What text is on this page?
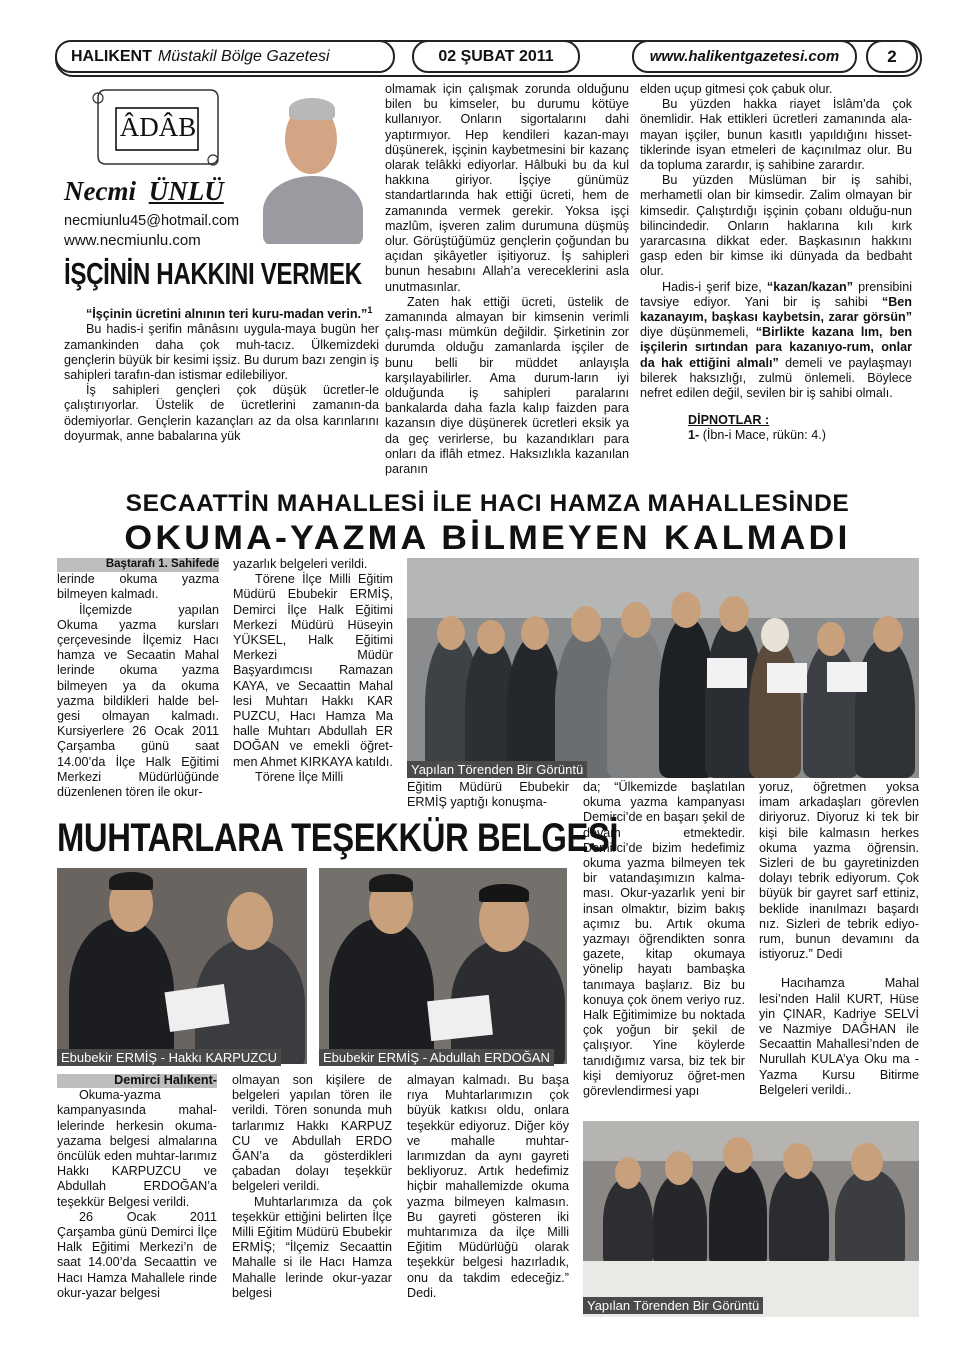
HALIKENT Müstakil Bölge Gazetesi	02 ŞUBAT 2011	www.halikentgazetesi.com	2
ÂDÂB
Necmi ÜNLÜ
necmiunlu45@hotmail.com
www.necmiunlu.com
İŞÇİNİN HAKKINI VERMEK

“İşçinin ücretini alnının teri kuru-madan verin.”$^1$

Bu hadis-i şerifin mânâsını uygula-maya bugün her zamankinden daha çok muh-tacız. Ülkemizdeki gençlerin büyük bir kesimi işsiz. Bu durum bazı zengin iş sahipleri tarafın-dan istismar edilebiliyor.

İş sahipleri gençleri çok düşük ücretler-le çalıştırıyorlar. Üstelik de ücretlerini zamanın-da ödemiyorlar. Gençlerin kazançları az da olsa karınlarını doyurmak, anne babalarına yük

olmamak için çalışmak zorunda olduğunu bilen bu kimseler, bu durumu kötüye kullanıyor. Onların sigortalarını dahi yaptırmıyor. Hep kendileri kazan-mayı düşünerek, işçinin kaybetmesini bir kazanç olarak telâkki ediyorlar. Hâlbuki bu da kul hakkına giriyor. İşçiye günümüz standartlarında hak ettiği ücreti, hem de zamanında vermek gerekir. Yoksa işçi mazlûm, işveren zalim durumuna düşmüş olur. Görüştüğümüz gençlerin çoğundan bu açıdan şikâyetler işitiyoruz. İş sahipleri bunun hesabını Allah’a vereceklerini asla unutmasınlar.

Zaten hak ettiği ücreti, üstelik de zamanında almayan bir kimsenin verimli çalış-ması mümkün değildir. Şirketinin zor durumda olduğu zamanlarda işçiler de bunu belli bir müddet anlayışla karşılayabilirler. Ama durum-ların iyi olduğunda iş sahipleri paralarını bankalarda daha fazla kalıp faizden para kazansın diye düşünerek ücretleri eksik ya da geç verirlerse, bu kazandıkları para onları da iflâh etmez. Haksızlıkla kazanılan paranın

elden uçup gitmesi çok çabuk olur.

Bu yüzden hakka riayet İslâm’da çok önemlidir. Hak ettikleri ücretleri zamanında ala-mayan işçiler, bunun kasıtlı yapıldığını hisset-tiklerinde isyan etmeleri de kaçınılmaz olur. Bu da topluma zarardır, iş sahibine zarardır.

Bu yüzden Müslüman bir iş sahibi, merhametli olan bir kimsedir. Zalim olmayan bir kimsedir. Çalıştırdığı işçinin çobanı olduğu-nun bilincindedir. Onların haklarına kılı kırk yararcasına dikkat eder. Başkasının hakkını gasp eden bir kimse iki dünyada da bedbaht olur.

Hadis-i şerif bize, “kazan/kazan” prensibini tavsiye ediyor. Yani bir iş sahibi “Ben kazanayım, başkası kaybetsin, zarar görsün” diye düşünmemeli, “Birlikte kazana lım, ben işçilerin sırtından para kazanıyo-rum, onlar da hak ettiğini almalı” demeli ve paylaşmayı bilerek haksızlığı, zulmü önlemeli. Böylece nefret edilen değil, sevilen bir iş sahibi olmalı.

DİPNOTLAR :

1- (İbn-i Mace, rükün: 4.)

SECAATTİN MAHALLESİ İLE HACI HAMZA MAHALLESİNDE
OKUMA-YAZMA BİLMEYEN KALMADI

Baştarafı 1. Sahifede

lerinde okuma yazma bilmeyen kalmadı.

İlçemizde yapılan Okuma yazma kursları çerçevesinde İlçemiz Hacı hamza ve Secaatin Mahal lerinde okuma yazma bilmeyen ya da okuma yazma bildikleri halde bel-gesi olmayan kalmadı. Kursiyerlere 26 Ocak 2011 Çarşamba günü saat 14.00’da İlçe Halk Eğitimi Merkezi Müdürlüğünde düzenlenen tören ile okur-

yazarlık belgeleri verildi.

Törene İlçe Milli Eğitim Müdürü Ebubekir ERMİŞ, Demirci İlçe Halk Eğitimi Merkezi Müdürü Hüseyin YÜKSEL, Halk Eğitimi Merkezi Müdür Başyardımcısı Ramazan KAYA, ve Secaattin Mahal lesi Muhtarı Hakkı KAR PUZCU, Hacı Hamza Ma halle Muhtarı Abdullah ER DOĞAN ve emekli öğret-men Ahmet KIRKAYA katıldı.

Törene İlçe Milli	Yapılan Törenden Bir Görüntü
Eğitim Müdürü Ebubekir ERMİŞ yaptığı konuşma-
da; “Ülkemizde başlatılan okuma yazma kampanyası Demirci’de en başarı şekil de devam etmektedir. Demirci’de bizim hedefimiz okuma yazma bilmeyen tek bir vatandaşımızın kalma-ması. Okur-yazarlık yeni bir insan olmaktır, bizim bakış açımız bu. Artık okuma yazmayı öğrendikten sonra gazete, kitap okumaya yönelip hayatı bambaşka tanımaya başlarız. Biz bu konuya çok önem veriyo ruz. Halk Eğitimimize bu noktada çok yoğun bir şekil de çalışıyor. Yine köylerde tanıdığımız varsa, biz tek bir kişi demiyoruz öğret-men görevlendirmesi yapı

yoruz, öğretmen yoksa imam arkadaşları görevlen diriyoruz. Diyoruz ki tek bir kişi bile kalmasın herkes okuma yazma öğrensin. Sizleri de bu gayretinizden dolayı tebrik ediyorum. Çok büyük bir gayret sarf ettiniz, beklide inanılmazı başardı nız. Sizleri de tebrik ediyo-rum, bunun devamını da istiyoruz.” Dedi

Hacıhamza Mahal lesi’nden Halil KURT, Hüse yin ÇINAR, Kadriye SELVİ ve Nazmiye DAĞHAN ile Secaattin Mahallesi’nden de Nurullah KULA’ya Oku ma -Yazma Kursu Bitirme Belgeleri verildi..

MUHTARLARA TEŞEKKÜR BELGESİ
Ebubekir ERMİŞ - Hakkı KARPUZCU	Ebubekir ERMİŞ - Abdullah ERDOĞAN

Demirci Halıkent-

Okuma-yazma kampanyasında mahal-lelerinde herkesin okuma-yazama belgesi almalarına öncülük eden muhtar-larımız Hakkı KARPUZCU ve Abdullah ERDOĞAN’a teşekkür Belgesi verildi.

26 Ocak 2011 Çarşamba günü Demirci İlçe Halk Eğitimi Merkezi’n de saat 14.00’da Secaattin ve Hacı Hamza Mahallele rinde okur-yazar belgesi

olmayan son kişilere de belgeleri yapılan tören ile verildi. Tören sonunda muh tarlarımız Hakkı KARPUZ CU ve Abdullah ERDO ĞAN’a da gösterdikleri çabadan dolayı teşekkür belgeleri verildi.

Muhtarlarımıza da çok teşekkür ettiğini belirten İlçe Milli Eğitim Müdürü Ebubekir ERMİŞ; “İlçemiz Secaattin Mahalle si ile Hacı Hamza Mahalle lerinde okur-yazar belgesi

almayan kalmadı. Bu başa rıya Muhtarlarımızın çok büyük katkısı oldu, onlara teşekkür ediyoruz. Diğer köy ve mahalle muhtar-larımızdan da aynı gayreti bekliyoruz. Artık hedefimiz hiçbir mahallemizde okuma yazma bilmeyen kalmasın. Bu gayreti gösteren iki muhtarımıza da ilçe Milli Eğitim Müdürlüğü olarak teşekkür belgesi hazırladık, onu da takdim edeceğiz.” Dedi.
Yapılan Törenden Bir Görüntü
